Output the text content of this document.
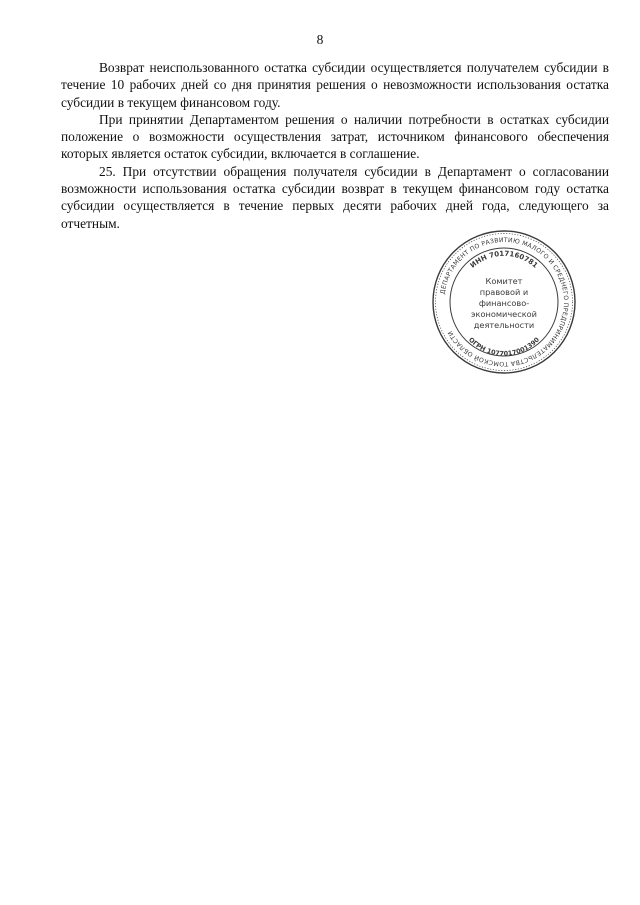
8

Возврат неиспользованного остатка субсидии осуществляется получателем субсидии в течение 10 рабочих дней со дня принятия решения о невозможности использования остатка субсидии в текущем финансовом году.

При принятии Департаментом решения о наличии потребности в остатках субсидии положение о возможности осуществления затрат, источником финансового обеспечения которых является остаток субсидии, включается в соглашение.

25. При отсутствии обращения получателя субсидии в Департамент о согласовании возможности использования остатка субсидии возврат в текущем финансовом году остатка субсидии осуществляется в течение первых десяти рабочих дней года, следующего за отчетным.

ДЕПАРТАМЕНТ ПО РАЗВИТИЮ МАЛОГО И СРЕДНЕГО ПРЕДПРИНИМАТЕЛЬСТВА ТОМСКОЙ ОБЛАСТИ
ИНН 7017160781
ОГРН 1077017001390
Комитет
правовой и
финансово-
экономической
деятельности
